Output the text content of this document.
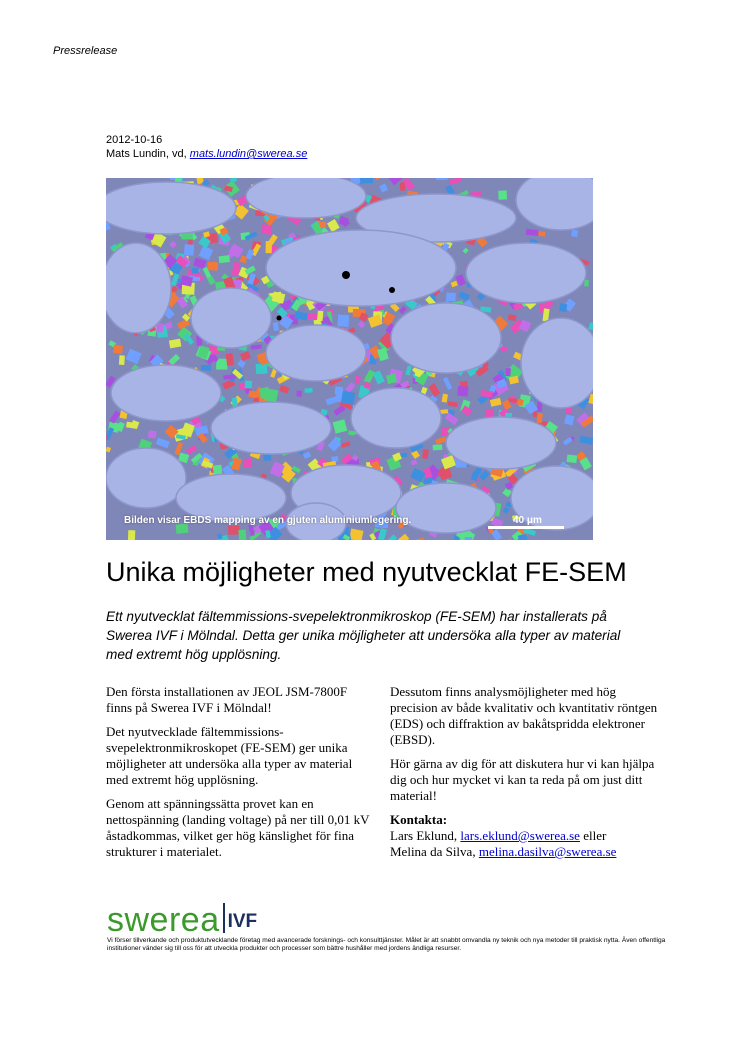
Pressrelease
2012-10-16
Mats Lundin, vd, mats.lundin@swerea.se
Bilden visar EBDS mapping av en gjuten aluminiumlegering.	40 μm
Unika möjligheter med nyutvecklat FE-SEM
Ett nyutvecklat fältemmissions-svepelektronmikroskop (FE-SEM) har installerats på Swerea IVF i Mölndal. Detta ger unika möjligheter att undersöka alla typer av material med extremt hög upplösning.

Den första installationen av JEOL JSM-7800F finns på Swerea IVF i Mölndal!

Det nyutvecklade fältemmissions-svepelektronmikroskopet (FE-SEM) ger unika möjligheter att undersöka alla typer av material med extremt hög upplösning.

Genom att spänningssätta provet kan en nettospänning (landing voltage) på ner till 0,01 kV åstadkommas, vilket ger hög känslighet för fina strukturer i materialet.

Dessutom finns analysmöjligheter med hög precision av både kvalitativ och kvantitativ röntgen (EDS) och diffraktion av bakåtspridda elektroner (EBSD).

Hör gärna av dig för att diskutera hur vi kan hjälpa dig och hur mycket vi kan ta reda på om just ditt material!

Kontakta:
Lars Eklund, lars.eklund@swerea.se eller
Melina da Silva, melina.dasilva@swerea.se
swerea IVF
Vi förser tillverkande och produktutvecklande företag med avancerade forsknings- och konsulttjänster. Målet är att snabbt omvandla ny teknik och nya metoder till praktisk nytta. Även offentliga institutioner vänder sig till oss för att utveckla produkter och processer som bättre hushåller med jordens ändliga resurser.
